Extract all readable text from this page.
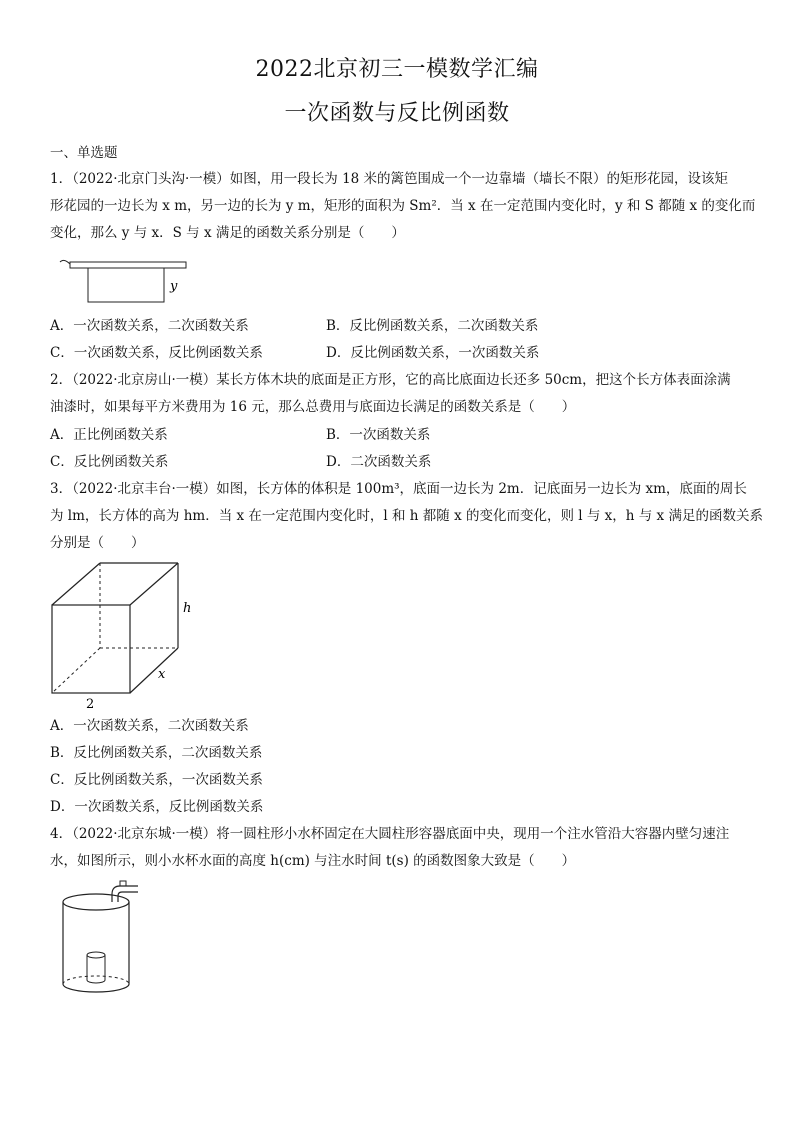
2022北京初三一模数学汇编
一次函数与反比例函数
一、单选题
1．（2022·北京门头沟·一模）如图，用一段长为 18 米的篱笆围成一个一边靠墙（墙长不限）的矩形花园，设该矩
形花园的一边长为 x m，另一边的长为 y m，矩形的面积为 Sm²．当 x 在一定范围内变化时，y 和 S 都随 x 的变化而
变化，那么 y 与 x．S 与 x 满足的函数关系分别是（　　）
y
A．一次函数关系，二次函数关系	B．反比例函数关系，二次函数关系
C．一次函数关系，反比例函数关系	D．反比例函数关系，一次函数关系
2．（2022·北京房山·一模）某长方体木块的底面是正方形，它的高比底面边长还多 50cm，把这个长方体表面涂满
油漆时，如果每平方米费用为 16 元，那么总费用与底面边长满足的函数关系是（　　）
A．正比例函数关系	B．一次函数关系
C．反比例函数关系	D．二次函数关系
3．（2022·北京丰台·一模）如图，长方体的体积是 100m³，底面一边长为 2m．记底面另一边长为 xm，底面的周长
为 lm，长方体的高为 hm．当 x 在一定范围内变化时，l 和 h 都随 x 的变化而变化，则 l 与 x，h 与 x 满足的函数关系
分别是（　　）
h
x
2
A．一次函数关系，二次函数关系
B．反比例函数关系，二次函数关系
C．反比例函数关系，一次函数关系
D．一次函数关系，反比例函数关系
4．（2022·北京东城·一模）将一圆柱形小水杯固定在大圆柱形容器底面中央，现用一个注水管沿大容器内壁匀速注
水，如图所示，则小水杯水面的高度 h(cm) 与注水时间 t(s) 的函数图象大致是（　　）
